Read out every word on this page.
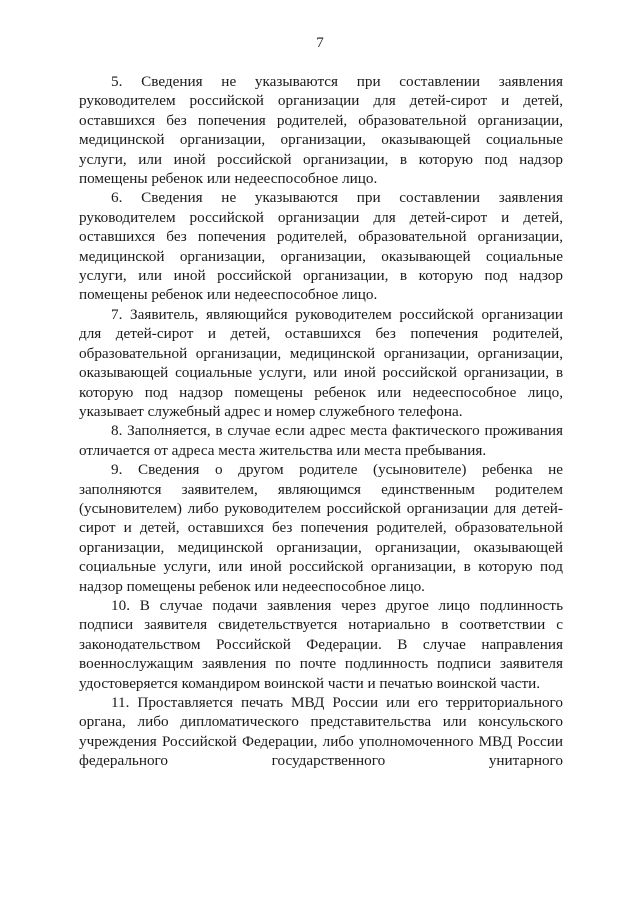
7

5. Сведения не указываются при составлении заявления руководителем российской организации для детей-сирот и детей, оставшихся без попечения родителей, образовательной организации, медицинской организации, организации, оказывающей социальные услуги, или иной российской организации, в которую под надзор помещены ребенок или недееспособное лицо.

6. Сведения не указываются при составлении заявления руководителем российской организации для детей-сирот и детей, оставшихся без попечения родителей, образовательной организации, медицинской организации, организации, оказывающей социальные услуги, или иной российской организации, в которую под надзор помещены ребенок или недееспособное лицо.

7. Заявитель, являющийся руководителем российской организации для детей-сирот и детей, оставшихся без попечения родителей, образовательной организации, медицинской организации, организации, оказывающей социальные услуги, или иной российской организации, в которую под надзор помещены ребенок или недееспособное лицо, указывает служебный адрес и номер служебного телефона.

8. Заполняется, в случае если адрес места фактического проживания отличается от адреса места жительства или места пребывания.

9. Сведения о другом родителе (усыновителе) ребенка не заполняются заявителем, являющимся единственным родителем (усыновителем) либо руководителем российской организации для детей-сирот и детей, оставшихся без попечения родителей, образовательной организации, медицинской организации, организации, оказывающей социальные услуги, или иной российской организации, в которую под надзор помещены ребенок или недееспособное лицо.

10. В случае подачи заявления через другое лицо подлинность подписи заявителя свидетельствуется нотариально в соответствии с законодательством Российской Федерации. В случае направления военнослужащим заявления по почте подлинность подписи заявителя удостоверяется командиром воинской части и печатью воинской части.

11. Проставляется печать МВД России или его территориального органа, либо дипломатического представительства или консульского учреждения Российской Федерации, либо уполномоченного МВД России федерального государственного унитарного
